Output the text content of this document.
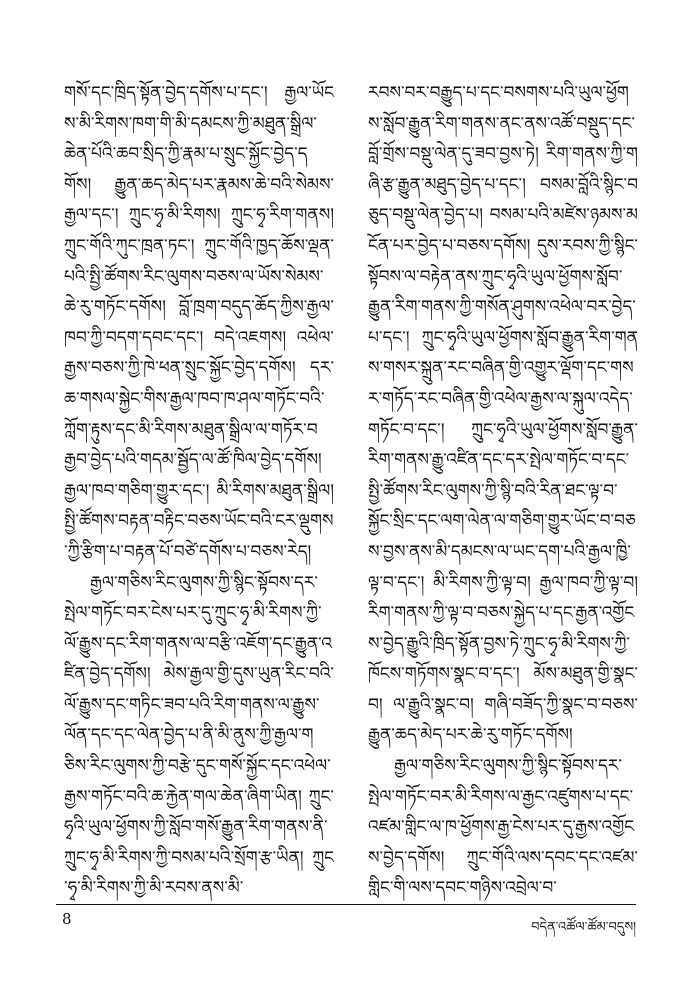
གསོ་དང་ཁྲིད་སྟོན་བྱེད་དགོས་པ་དང་། རྒྱལ་ཡོངས་མི་རིགས་ཁག་གི་མི་དམངས་ཀྱི་མཐུན་སྒྲིལ་ཆེན་པོའི་ཆབ་སྲིད་ཀྱི་རྣམ་པ་སྲུང་སྐྱོང་བྱེད་དགོས། རྒྱུན་ཆད་མེད་པར་རྣམས་ཆེ་བའི་སེམས་རྒྱལ་དང་། ཀྲུང་ཧྭ་མི་རིགས། ཀྲུང་ཧྭ་རིག་གནས། ཀྲུང་གོའི་ཀུང་ཁྲན་ཏང་། ཀྲུང་གོའི་ཁྱད་ཆོས་ལྡན་པའི་སྤྱི་ཚོགས་རིང་ལུགས་བཅས་ལ་ཡོས་སེམས་ཆེ་རུ་གཏོང་དགོས། བློ་ཁྲག་བདུད་ཆོད་ཀྱིས་རྒྱལ་ཁབ་ཀྱི་བདག་དབང་དང་། བདེ་འཇགས། འཕེལ་རྒྱས་བཅས་ཀྱི་ཁེ་ཕན་སྲུང་སྐྱོང་བྱེད་དགོས། དར་ཆ་གསལ་སྐྱེང་གིས་རྒྱལ་ཁབ་ཁ་ཤལ་གཏོང་བའི་ཀློག་རྟུས་དང་མི་རིགས་མཐུན་སྒྲིལ་ལ་གཏོར་བརྒྱབ་བྱེད་པའི་གདམ་སྦྱོད་ལ་ཚོ་ཁིལ་བྱེད་དགོས། རྒྱལ་ཁབ་གཅིག་གྱུར་དང་། མི་རིགས་མཐུན་སྒྲིལ། སྤྱི་ཚོགས་བརྟན་བརྟིང་བཅས་ཡོང་བའི་ངར་ལྡུགས་ཀྱི་རྩིག་པ་བརྟན་པོ་བཙེ་དགོས་པ་བཅས་རེད།

རྒྱལ་གཅིས་རིང་ལུགས་ཀྱི་སྙིང་སྟོབས་དར་སྤེལ་གཏོང་བར་ངེས་པར་དུ་ཀྲུང་ཧྭ་མི་རིགས་ཀྱི་ལོ་རྒྱུས་དང་རིག་གནས་ལ་བརྩི་འཇོག་དང་རྒྱུན་འཛིན་བྱེད་དགོས། མེས་རྒྱལ་གྱི་དུས་ཡུན་རིང་བའི་ལོ་རྒྱུས་དང་གཏིང་ཟབ་པའི་རིག་གནས་ལ་རྒྱུས་ལོན་དང་དང་ལེན་བྱེད་པ་ནི་མི་ནུས་ཀྱི་རྒྱལ་གཅིས་རིང་ལུགས་ཀྱི་བརྩེ་དུང་གསོ་སྐྱོང་དང་འཕེལ་རྒྱས་གཏོང་བའི་ཆ་རྐྱེན་གལ་ཆེན་ཞིག་ཡིན། ཀྲུང་ཧྭའི་ཡུལ་ཕྱོགས་ཀྱི་སློབ་གསོ་རྒྱུན་རིག་གནས་ནི་ཀྲུང་ཧྭ་མི་རིགས་ཀྱི་བསམ་པའི་སྲོག་རྩ་ཡིན། ཀྲུང་ཧྭ་མི་རིགས་ཀྱི་མི་རབས་ནས་མི་

རབས་བར་བརྒྱུད་པ་དང་བསགས་པའི་ཡུལ་ཕྱོགས་སློབ་རྒྱུན་རིག་གནས་ནང་ནས་འཚོ་བསྡུད་དང་བློ་གྲོས་བསྡུ་ལེན་དུ་ཟབ་བྱས་ཏེ། རིག་གནས་ཀྱི་གཞི་རྩ་རྒྱུན་མཐུད་བྱེད་པ་དང་། བསམ་བློའི་སྙིང་བཅུད་བསྡུ་ལེན་བྱེད་པ། བསམ་པའི་མཛེས་ཉམས་མངོན་པར་བྱེད་པ་བཅས་དགོས། དུས་རབས་ཀྱི་སྙིང་སྟོབས་ལ་བརྟེན་ནས་ཀྲུང་ཧྭའི་ཡུལ་ཕྱོགས་སློབ་རྒྱུན་རིག་གནས་ཀྱི་གསོན་ཤུགས་འཕེལ་བར་བྱེད་པ་དང་། ཀྲུང་ཧྭའི་ཡུལ་ཕྱོགས་སློབ་རྒྱུན་རིག་གནས་གསར་སྐྲུན་རང་བཞིན་གྱི་འགྱུར་ལྡོག་དང་གསར་གཏོད་རང་བཞིན་གྱི་འཕེལ་རྒྱས་ལ་སྐུལ་འདེད་གཏོང་བ་དང་། ཀྲུང་ཧྭའི་ཡུལ་ཕྱོགས་སློབ་རྒྱུན་རིག་གནས་རྒྱུ་འཛིན་དང་དར་སྤེལ་གཏོང་བ་དང་སྤྱི་ཚོགས་རིང་ལུགས་ཀྱི་སྙི་བའི་རིན་ཐང་ལྟ་བ་སྐྱོང་སྲིང་དང་ལག་ལེན་ལ་གཅིག་གྱུར་ཡོང་བ་བཅས་བྱས་ནས་མི་དམངས་ལ་ཡང་དག་པའི་རྒྱལ་ཁྱི་ལྟ་བ་དང་། མི་རིགས་ཀྱི་ལྟ་བ། རྒྱལ་ཁབ་ཀྱི་ལྟ་བ། རིག་གནས་ཀྱི་ལྟ་བ་བཅས་སྐྱེད་པ་དང་རྒྱན་འགྱོངས་བྱེད་རྒྱུའི་ཁྲིད་སྟོན་བྱས་ཏེ་ཀྲུང་ཧྭ་མི་རིགས་ཀྱི་ཁོངས་གཏོགས་སྣང་བ་དང་། མོས་མཐུན་གྱི་སྣང་བ། ལ་རྒྱུའི་སྣང་བ། གཞི་བཟོད་ཀྱི་སྣང་བ་བཅས་རྒྱུན་ཆད་མེད་པར་ཆེ་རུ་གཏོང་དགོས།

རྒྱལ་གཅིས་རིང་ལུགས་ཀྱི་སྙིང་སྟོབས་དར་སྤེལ་གཏོང་བར་མི་རིགས་ལ་རྒྱང་འཛུགས་པ་དང་འཛམ་གླིང་ལ་ཁ་ཕྱོགས་རྒྱ་ངེས་པར་དུ་རྒྱས་འགྱོངས་བྱེད་དགོས། ཀྲུང་གོའི་ལས་དབང་དང་འཛམ་གླིང་གི་ལས་དབང་གཉིས་འབྲེལ་བ་

8	བདེན་འཚོལ་ཚོམ་བདུས།
